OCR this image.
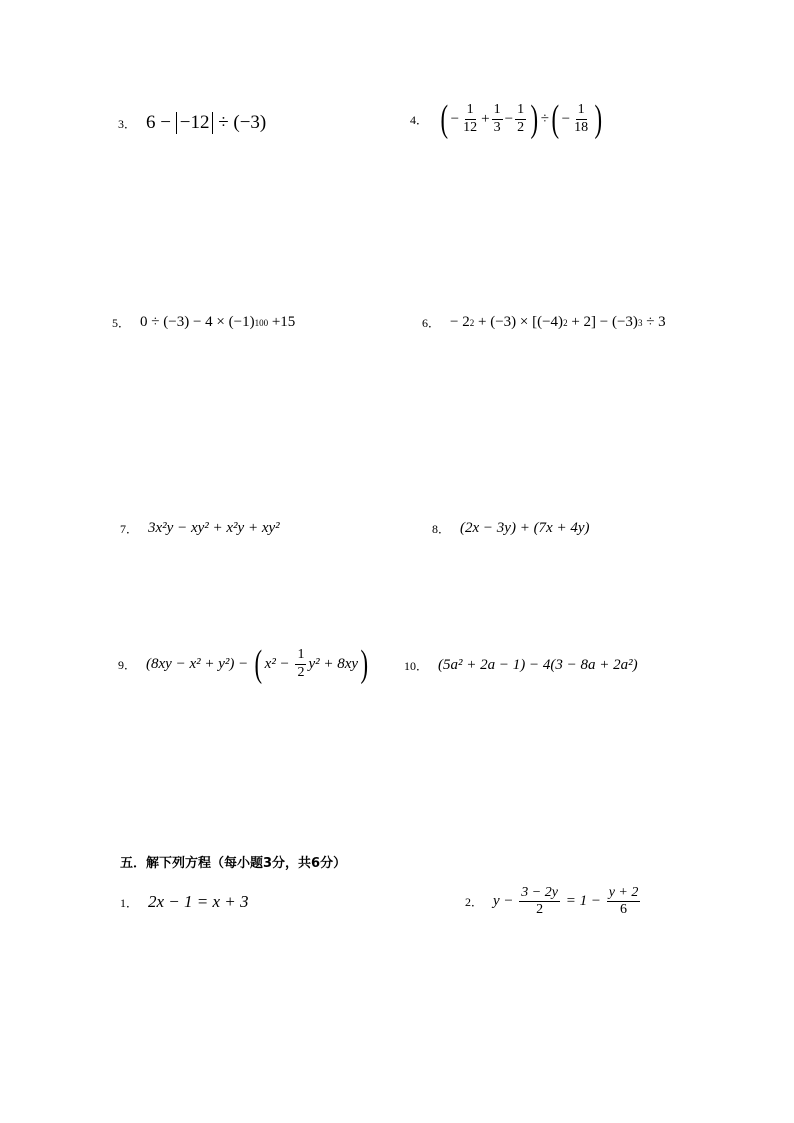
3． 6 − −12 ÷ (−3)	4． ( − $\frac{1}{12} + \frac{1}{3} - \frac{1}{2}$ ) ÷ ( − $\frac{1}{18}$ )
5． 0 ÷ (−3) − 4 × (−1) 100 +15	6． − 2 2 + (−3) × [(−4) 2 + 2] − (−3) 3 ÷ 3
7． 3x²y − xy² + x²y + xy²	8． (2x − 3y) + (7x + 4y)
9． (8xy − x² + y²) − ( $x^2 - \frac{1}{2} y^2 + 8xy$ )	10． (5a² + 2a − 1) − 4(3 − 8a + 2a²)
五．解下列方程（每小题3分，共6分）
1． 2x − 1 = x + 3	2． $y - \frac{3 - 2y}{2} = 1 - \frac{y + 2}{6}$
